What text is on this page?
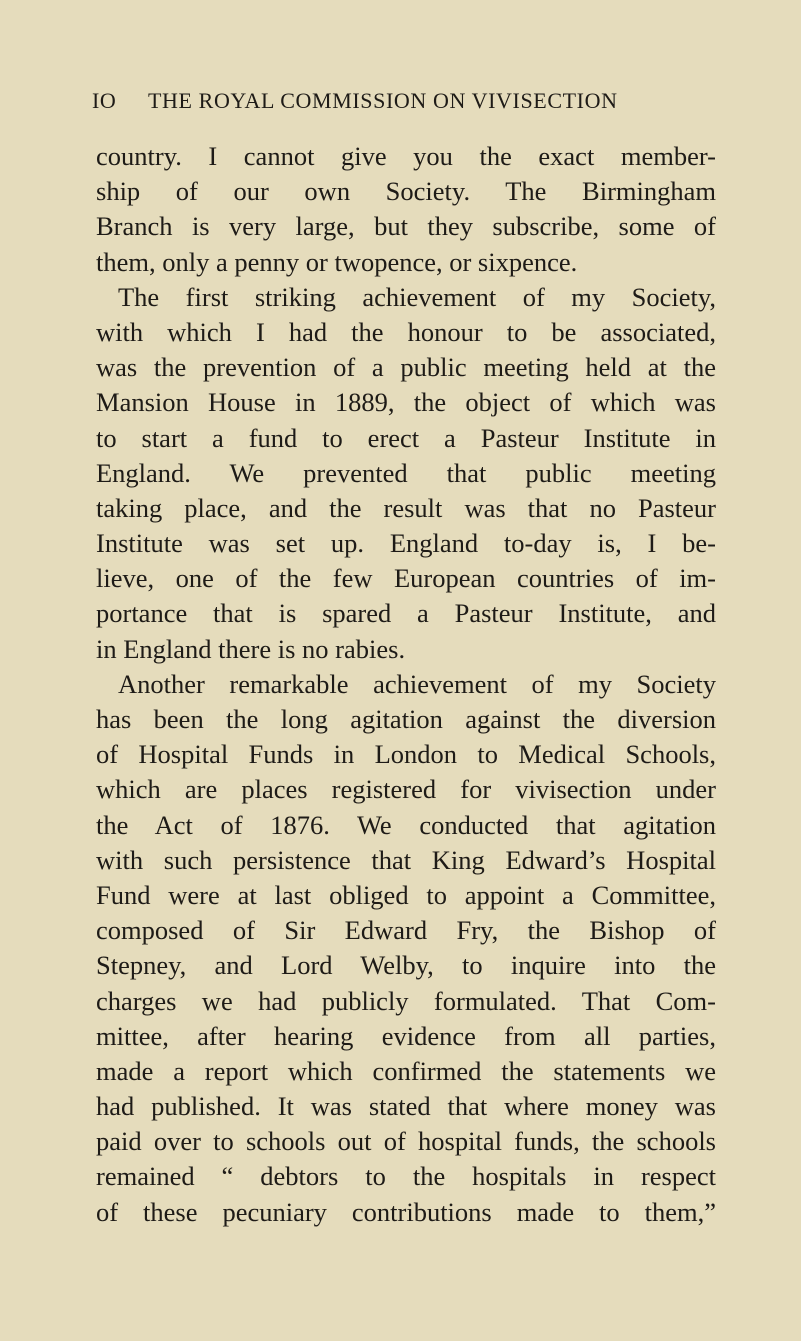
IO THE ROYAL COMMISSION ON VIVISECTION
country. I cannot give you the exact member-
ship of our own Society. The Birmingham
Branch is very large, but they subscribe, some of
them, only a penny or twopence, or sixpence.
The first striking achievement of my Society,
with which I had the honour to be associated,
was the prevention of a public meeting held at the
Mansion House in 1889, the object of which was
to start a fund to erect a Pasteur Institute in
England. We prevented that public meeting
taking place, and the result was that no Pasteur
Institute was set up. England to-day is, I be-
lieve, one of the few European countries of im-
portance that is spared a Pasteur Institute, and
in England there is no rabies.
Another remarkable achievement of my Society
has been the long agitation against the diversion
of Hospital Funds in London to Medical Schools,
which are places registered for vivisection under
the Act of 1876. We conducted that agitation
with such persistence that King Edward’s Hospital
Fund were at last obliged to appoint a Committee,
composed of Sir Edward Fry, the Bishop of
Stepney, and Lord Welby, to inquire into the
charges we had publicly formulated. That Com-
mittee, after hearing evidence from all parties,
made a report which confirmed the statements we
had published. It was stated that where money was
paid over to schools out of hospital funds, the schools
remained “ debtors to the hospitals in respect
of these pecuniary contributions made to them,”
